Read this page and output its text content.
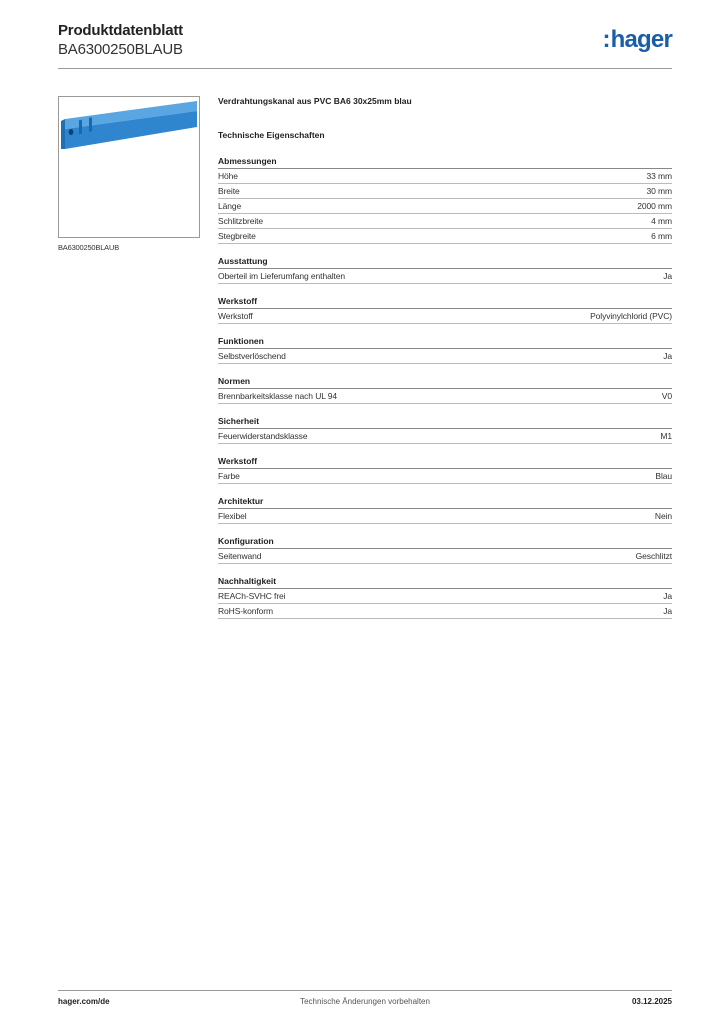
Produktdatenblatt
BA6300250BLAUB	:hager
BA6300250BLAUB
Verdrahtungskanal aus PVC BA6 30x25mm blau
Technische Eigenschaften
Abmessungen
Höhe	33 mm
Breite	30 mm
Länge	2000 mm
Schlitzbreite	4 mm
Stegbreite	6 mm
Ausstattung
Oberteil im Lieferumfang enthalten	Ja
Werkstoff
Werkstoff	Polyvinylchlorid (PVC)
Funktionen
Selbstverlöschend	Ja
Normen
Brennbarkeitsklasse nach UL 94	V0
Sicherheit
Feuerwiderstandsklasse	M1
Werkstoff
Farbe	Blau
Architektur
Flexibel	Nein
Konfiguration
Seitenwand	Geschlitzt
Nachhaltigkeit
REACh-SVHC frei	Ja
RoHS-konform	Ja
hager.com/de	Technische Änderungen vorbehalten	03.12.2025
